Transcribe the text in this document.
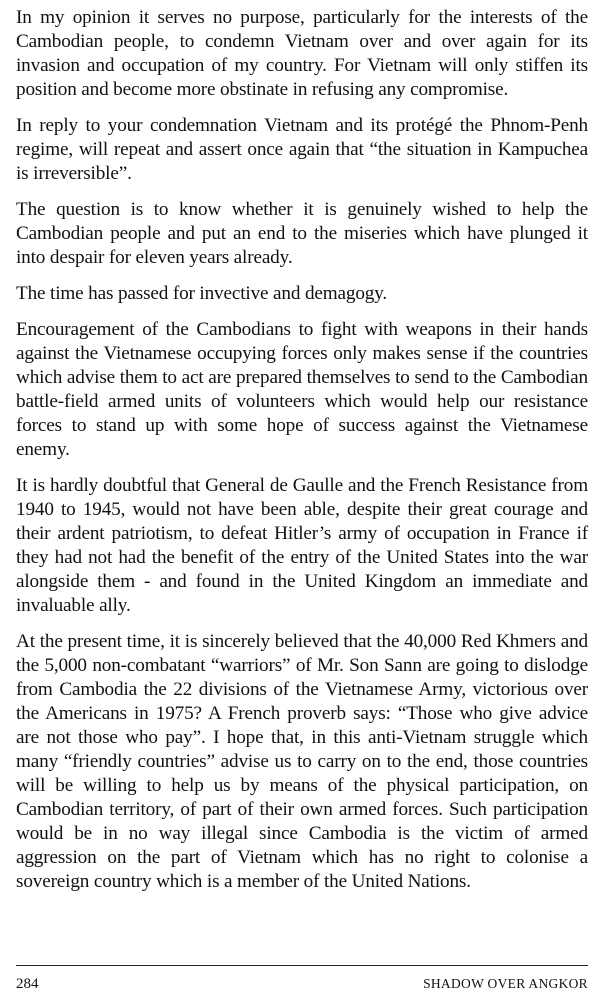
In my opinion it serves no purpose, particularly for the interests of the Cambodian people, to condemn Vietnam over and over again for its invasion and occupation of my country. For Vietnam will only stiffen its position and become more obstinate in refusing any compromise.

In reply to your condemnation Vietnam and its protégé the Phnom-Penh regime, will repeat and assert once again that “the situation in Kampuchea is irreversible”.

The question is to know whether it is genuinely wished to help the Cambodian people and put an end to the miseries which have plunged it into despair for eleven years already.

The time has passed for invective and demagogy.

Encouragement of the Cambodians to fight with weapons in their hands against the Vietnamese occupying forces only makes sense if the countries which advise them to act are prepared themselves to send to the Cambodian battle-field armed units of volunteers which would help our resistance forces to stand up with some hope of success against the Vietnamese enemy.

It is hardly doubtful that General de Gaulle and the French Resistance from 1940 to 1945, would not have been able, despite their great courage and their ardent patriotism, to defeat Hitler’s army of occupation in France if they had not had the benefit of the entry of the United States into the war alongside them - and found in the United Kingdom an immediate and invaluable ally.

At the present time, it is sincerely believed that the 40,000 Red Khmers and the 5,000 non-combatant “warriors” of Mr. Son Sann are going to dislodge from Cambodia the 22 divisions of the Vietnamese Army, victorious over the Americans in 1975? A French proverb says: “Those who give advice are not those who pay”. I hope that, in this anti-Vietnam struggle which many “friendly countries” advise us to carry on to the end, those countries will be willing to help us by means of the physical participation, on Cambodian territory, of part of their own armed forces. Such participation would be in no way illegal since Cambodia is the victim of armed aggression on the part of Vietnam which has no right to colonise a sovereign country which is a member of the United Nations.

284	SHADOW OVER ANGKOR
